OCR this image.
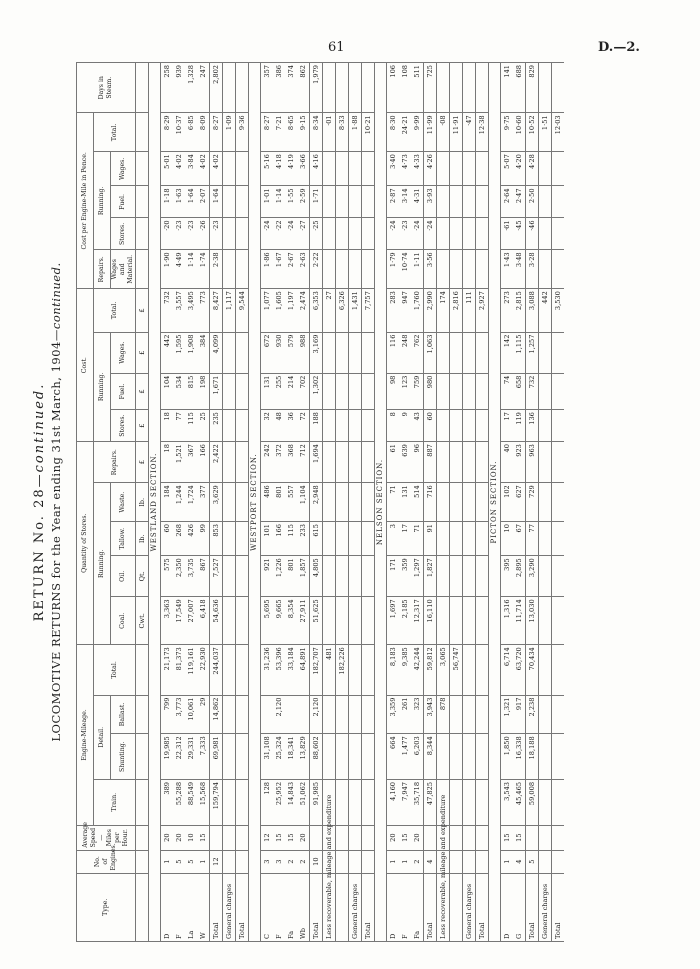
61	D.—2.
RETURN No. 28—continued. LOCOMOTIVE RETURNS for the Year ending 31st March, 1904—continued.
Type.	No. of Engines.	Average Speed—Miles per Hour.	Engine-Mileage.				Quantity of Stores.					Cost.				Cost per Engine-Mile in Pence.					Days in Steam.
			Train.	Detail.		Total.	Running.				Repairs.	Running.			Total.	Repairs.	Running.			Total.	
				Shunting.	Ballast.		Coal.	Oil.	Tallow.	Waste.		Stores.	Fuel.	Wages.		Wages and Material.	Stores.	Fuel.	Wages.		
							Cwt.	Qt.	lb.	lb.	£	£	£	£	£						
WESTLAND SECTION.																					
D	1	20	389	19,985	799	21,173	3,363	575	60	184	18	18	104	442	732	1·90	·20	1·18	5·01	8·29	258
F	5	20	55,288	22,312	3,773	81,373	17,549	2,350	268	1,244	1,521	77	534	1,595	3,557	4·49	·23	1·63	4·02	10·37	939
La	5	10	88,549	29,331	10,061	119,161	27,007	3,735	426	1,724	367	115	815	1,908	3,495	1·14	·23	1·64	3·84	6·85	1,328
W	1	15	15,568	7,333	29	22,930	6,418	867	99	377	166	25	198	384	773	1·74	·26	2·07	4·02	8·09	247
Total	12		159,794	69,981	14,862	244,037	54,636	7,527	853	3,629	2,422	235	1,671	4,099	8,427	2·38	·23	1·64	4·02	8·27	2,802
General charges															1,117					1·09	
Total															9,544					9·36	
WESTPORT SECTION.																					
C	3	12	128	31,108		31,236	5,695	921	101	486	242	32	131	672	1,077	1·86	·24	1·01	5·16	8·27	357
F	3	15	25,952	25,324	2,120	53,396	9,665	1,226	166	801	372	48	255	930	1,605	1·67	·22	1·14	4·18	7·21	386
Fa	2	15	14,843	18,341		33,184	8,354	801	115	557	368	36	214	579	1,197	2·67	·24	1·55	4·19	8·65	374
Wb	2	20	51,062	13,829		64,891	27,911	1,857	233	1,104	712	72	702	988	2,474	2·63	·27	2·59	3·66	9·15	862
Total	10		91,985	88,602	2,120	182,707	51,625	4,805	615	2,948	1,694	188	1,302	3,169	6,353	2·22	·25	1·71	4·16	8·34	1,979
Less recoverable, mileage and expenditure						481									27					·01	
						182,226									6,326					8·33	
General charges															1,431					1·88	
Total															7,757					10·21	
NELSON SECTION.																					
D	1	20	4,160	664	3,359	8,183	1,697	171	3	71	61	8	98	116	283	1·79	·24	2·87	3·40	8·30	106
F	1	15	7,947	1,477	261	9,385	2,185	359	17	131	639	9	123	248	947	10·74	·23	3·14	4·73	24·21	108
Fa	2	20	35,718	6,203	323	42,244	12,317	1,297	71	514	96	43	759	762	1,760	1·11	·24	4·31	4·33	9·99	511
Total	4		47,825	8,344	3,943	59,812	16,110	1,827	91	716	887	60	980	1,063	2,990	3·56	·24	3·93	4·26	11·99	725
Less recoverable, mileage and expenditure					878	3,065									174					·08	
						56,747									2,816					11·91	
General charges															111					·47	
Total															2,927					12·38	
PICTON SECTION.																					
D	1	15	3,543	1,850	1,321	6,714	1,316	395	10	102	40	17	74	142	273	1·43	·61	2·64	5·07	9·75	141
G	4	15	45,465	16,338	917	63,720	11,714	2,895	67	627	923	119	658	1,115	2,815	3·48	·45	2·47	4·20	10·60	688
Total	5		59,008	18,188	2,238	70,434	13,030	3,290	77	729	963	136	732	1,257	3,088	3·28	·46	2·50	4·28	10·52	829
General charges															442					1·51	
Total															3,530					12·03	
